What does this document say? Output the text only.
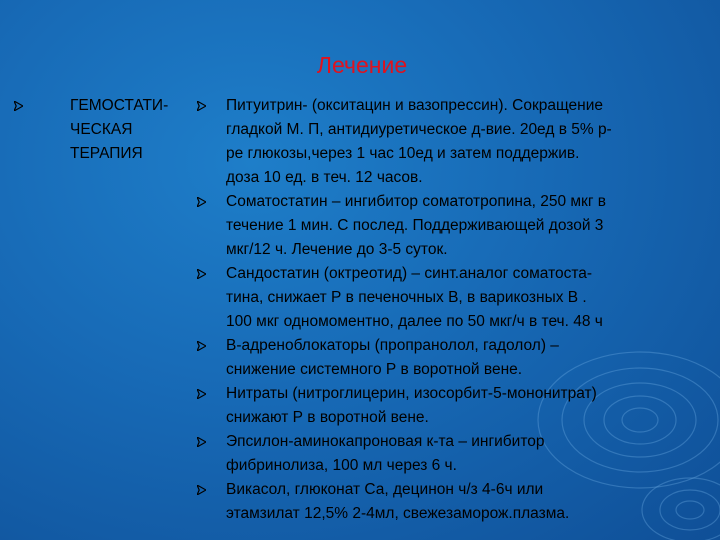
Лечение
ГЕМОСТАТИ-
ЧЕСКАЯ
ТЕРАПИЯ
Питуитрин- (окситацин и вазопрессин). Сокращение
гладкой М. П, антидиуретическое д-вие. 20ед в 5% р-
ре глюкозы,через 1 час 10ед и затем поддержив.
доза 10 ед. в теч. 12 часов.
Соматостатин – ингибитор соматотропина, 250 мкг в
течение 1 мин. С послед. Поддерживающей дозой 3
мкг/12 ч. Лечение до 3-5 суток.
Сандостатин (октреотид) – синт.аналог соматоста-
тина, снижает Р в печеночных В, в варикозных В .
100 мкг одномоментно, далее по 50 мкг/ч в теч. 48 ч
В-адреноблокаторы (пропранолол, гадолол) –
снижение системного Р в воротной вене.
Нитраты (нитроглицерин, изосорбит-5-мононитрат)
снижают Р в воротной вене.
Эпсилон-аминокапроновая к-та – ингибитор
фибринолиза, 100 мл через 6 ч.
Викасол, глюконат Са, децинон ч/з 4-6ч или
этамзилат 12,5% 2-4мл, свежезаморож.плазма.
